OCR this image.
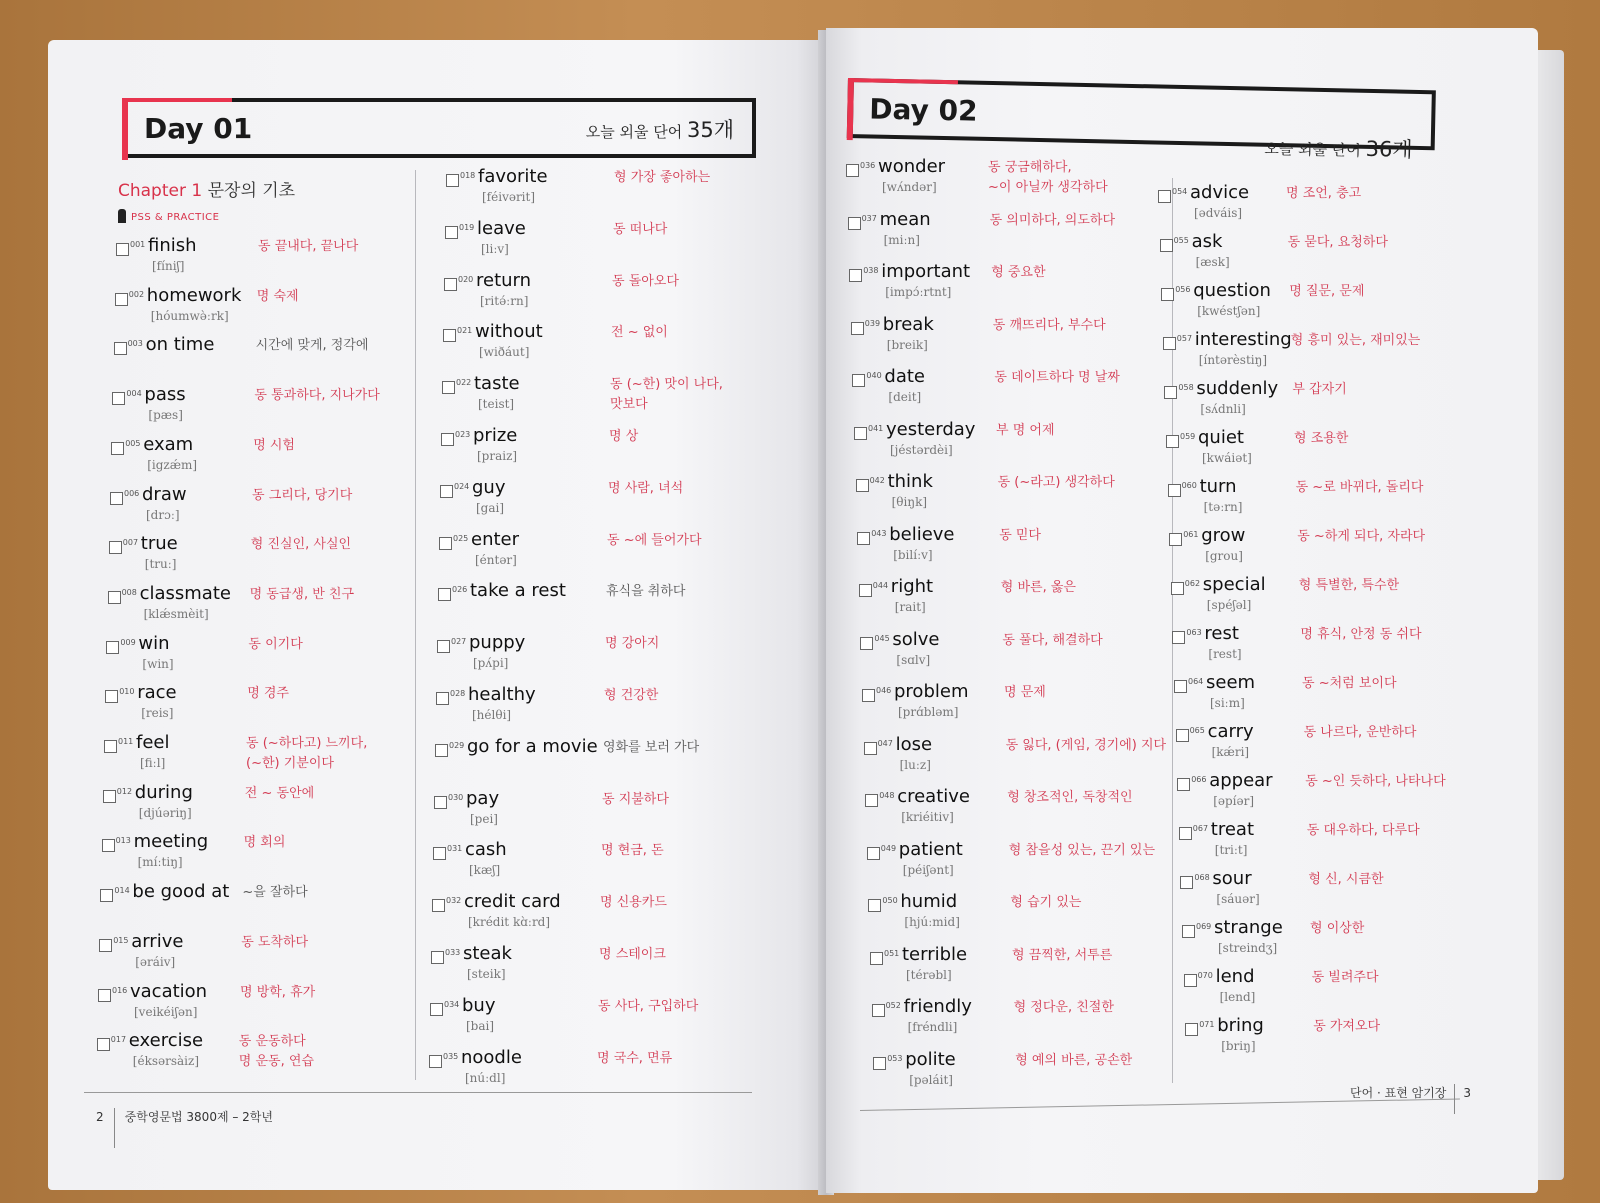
Day 01	오늘 외울 단어 35개
Chapter 1 문장의 기초
PSS & PRACTICE
001 finish
[fíniʃ]
동 끝내다, 끝나다
002 homework
[hóumwə̀ːrk]
명 숙제
003 on time	시간에 맞게, 정각에
004 pass
[pæs]
동 통과하다, 지나가다
005 exam
[igzǽm]
명 시험
006 draw
[drɔː]
동 그리다, 당기다
007 true
[truː]
형 진실인, 사실인
008 classmate
[klǽsmèit]
명 동급생, 반 친구
009 win
[win]
동 이기다
010 race
[reis]
명 경주
011 feel
[fiːl]
동 (~하다고) 느끼다,
(~한) 기분이다
012 during
[djúəriŋ]
전 ~ 동안에
013 meeting
[míːtiŋ]
명 회의
014 be good at ~을 잘하다
015 arrive
[əráiv]
동 도착하다
016 vacation
[veikéiʃən]
명 방학, 휴가
017 exercise
[éksərsàiz]
동 운동하다
명 운동, 연습
018 favorite
[féivərit]
형 가장 좋아하는
019 leave
[liːv]
동 떠나다
020 return
[ritə́ːrn]
동 돌아오다
021 without
[wiðáut]
전 ~ 없이
022 taste
[teist]
동 (~한) 맛이 나다,
맛보다
023 prize
[praiz]
명 상
024 guy
[gai]
명 사람, 녀석
025 enter
[éntər]
동 ~에 들어가다
026 take a rest	휴식을 취하다
027 puppy
[pʌ́pi]
명 강아지
028 healthy
[hélθi]
형 건강한
029 go for a movie 영화를 보러 가다
030 pay
[pei]
동 지불하다
031 cash
[kæʃ]
명 현금, 돈
032 credit card
[krédit kɑ̀ːrd]
명 신용카드
033 steak
[steik]
명 스테이크
034 buy
[bai]
동 사다, 구입하다
035 noodle
[núːdl]
명 국수, 면류
2 중학영문법 3800제 – 2학년
Day 02
오늘 외울 단어 36개
036 wonder
[wʌ́ndər]
동 궁금해하다,
~이 아닐까 생각하다
037 mean
[miːn]
동 의미하다, 의도하다
038 important
[impɔ́ːrtnt]
형 중요한
039 break
[breik]
동 깨뜨리다, 부수다
040 date
[deit]
동 데이트하다 명 날짜
041 yesterday
[jéstərdèi]
부 명 어제
042 think
[θiŋk]
동 (~라고) 생각하다
043 believe
[bilíːv]
동 믿다
044 right
[rait]
형 바른, 옳은
045 solve
[sɑlv]
동 풀다, 해결하다
046 problem
[prɑ́bləm]
명 문제
047 lose
[luːz]
동 잃다, (게임, 경기에) 지다
048 creative
[kriéitiv]
형 창조적인, 독창적인
049 patient
[péiʃənt]
형 참을성 있는, 끈기 있는
050 humid
[hjúːmid]
형 습기 있는
051 terrible
[térəbl]
형 끔찍한, 서투른
052 friendly
[fréndli]
형 정다운, 친절한
053 polite
[pəláit]
형 예의 바른, 공손한
054 advice
[ədváis]
명 조언, 충고
055 ask
[æsk]
동 묻다, 요청하다
056 question
[kwéstʃən]
명 질문, 문제
057 interesting
[íntərèstiŋ]
형 흥미 있는, 재미있는
058 suddenly
[sʌ́dnli]
부 갑자기
059 quiet
[kwáiət]
형 조용한
060 turn
[təːrn]
동 ~로 바뀌다, 돌리다
061 grow
[grou]
동 ~하게 되다, 자라다
062 special
[spéʃəl]
형 특별한, 특수한
063 rest
[rest]
명 휴식, 안정 동 쉬다
064 seem
[siːm]
동 ~처럼 보이다
065 carry
[kǽri]
동 나르다, 운반하다
066 appear
[əpíər]
동 ~인 듯하다, 나타나다
067 treat
[triːt]
동 대우하다, 다루다
068 sour
[sáuər]
형 신, 시큼한
069 strange
[streindʒ]
형 이상한
070 lend
[lend]
동 빌려주다
071 bring
[briŋ]
동 가져오다
단어 · 표현 암기장 3
